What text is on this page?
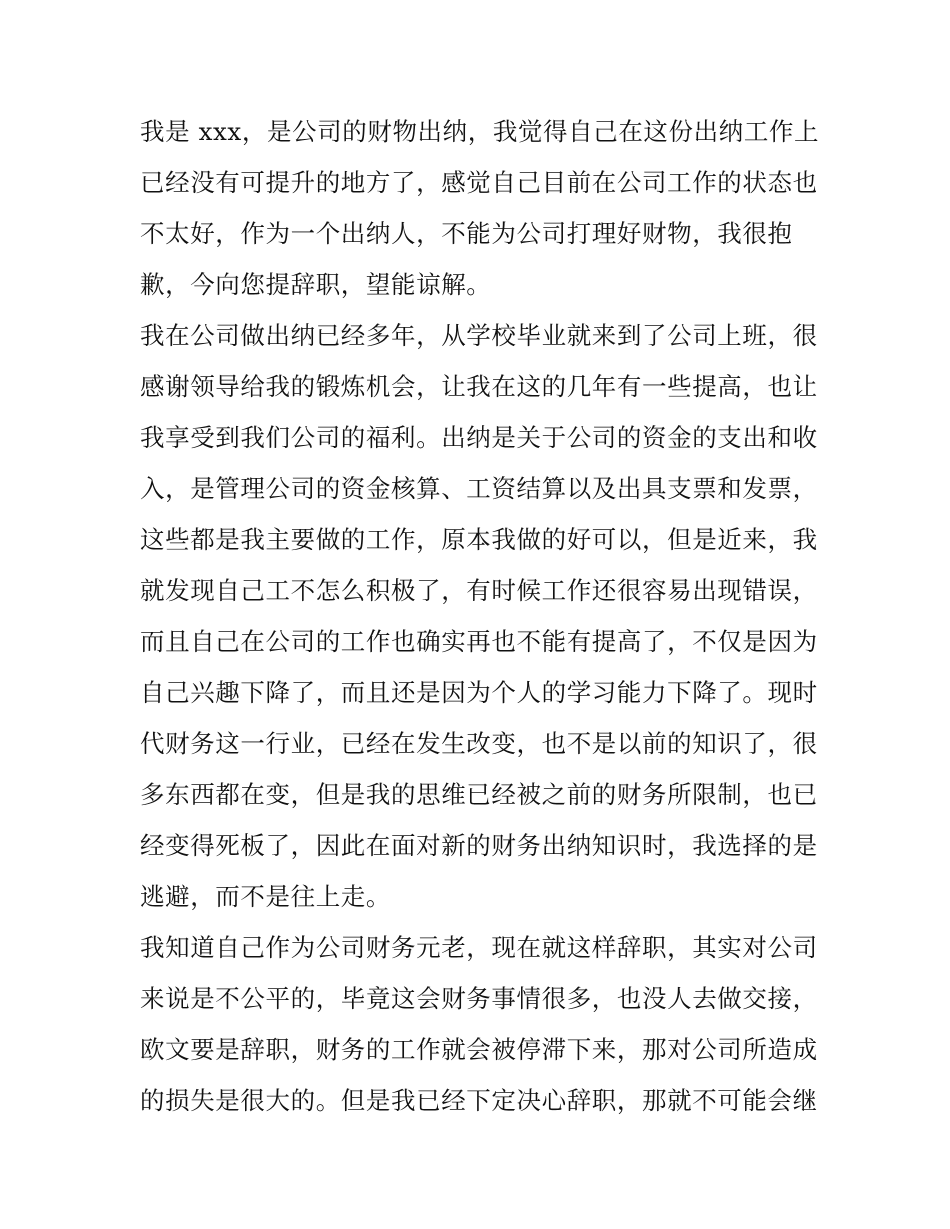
我是 xxx，是公司的财物出纳，我觉得自己在这份出纳工作上
已经没有可提升的地方了，感觉自己目前在公司工作的状态也
不太好，作为一个出纳人，不能为公司打理好财物，我很抱
歉，今向您提辞职，望能谅解。
我在公司做出纳已经多年，从学校毕业就来到了公司上班，很
感谢领导给我的锻炼机会，让我在这的几年有一些提高，也让
我享受到我们公司的福利。出纳是关于公司的资金的支出和收
入，是管理公司的资金核算、工资结算以及出具支票和发票，
这些都是我主要做的工作，原本我做的好可以，但是近来，我
就发现自己工不怎么积极了，有时候工作还很容易出现错误，
而且自己在公司的工作也确实再也不能有提高了，不仅是因为
自己兴趣下降了，而且还是因为个人的学习能力下降了。现时
代财务这一行业，已经在发生改变，也不是以前的知识了，很
多东西都在变，但是我的思维已经被之前的财务所限制，也已
经变得死板了，因此在面对新的财务出纳知识时，我选择的是
逃避，而不是往上走。
我知道自己作为公司财务元老，现在就这样辞职，其实对公司
来说是不公平的，毕竟这会财务事情很多，也没人去做交接，
欧文要是辞职，财务的工作就会被停滞下来，那对公司所造成
的损失是很大的。但是我已经下定决心辞职，那就不可能会继
